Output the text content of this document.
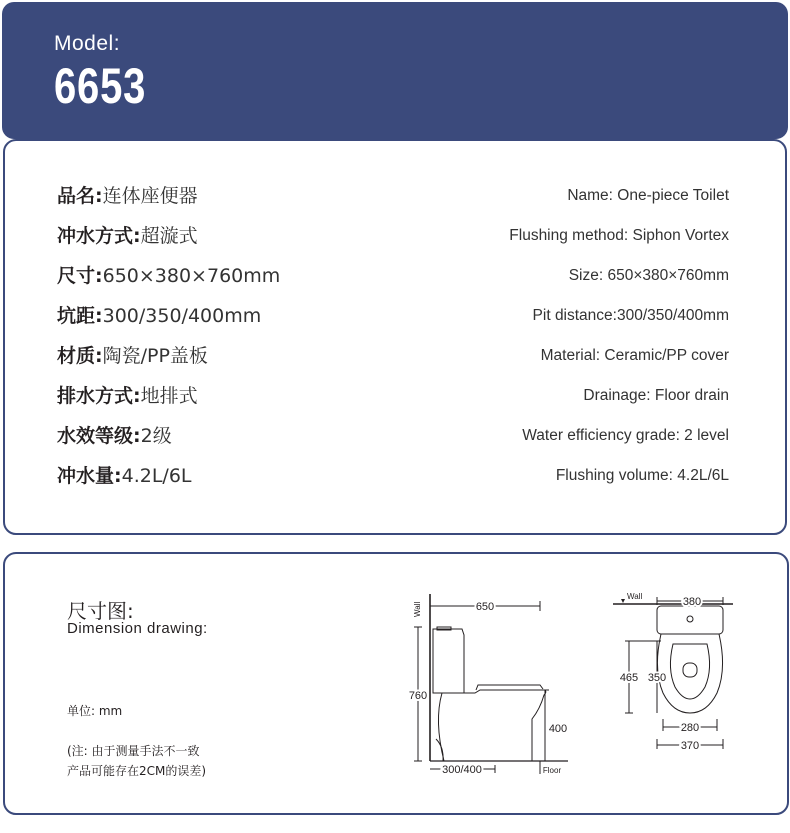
Model:
6653
品名:连体座便器	Name: One-piece Toilet
冲水方式:超漩式	Flushing method: Siphon Vortex
尺寸:650×380×760mm	Size: 650×380×760mm
坑距:300/350/400mm	Pit distance:300/350/400mm
材质:陶瓷/PP盖板	Material: Ceramic/PP cover
排水方式:地排式	Drainage: Floor drain
水效等级:2级	Water efficiency grade: 2 level
冲水量:4.2L/6L	Flushing volume: 4.2L/6L
尺寸图:
Dimension drawing:
单位: mm
(注: 由于测量手法不一致
产品可能存在2CM的误差)
Wall	650
760
400
300/400	Floor
Wall	380
465 350
280
370
